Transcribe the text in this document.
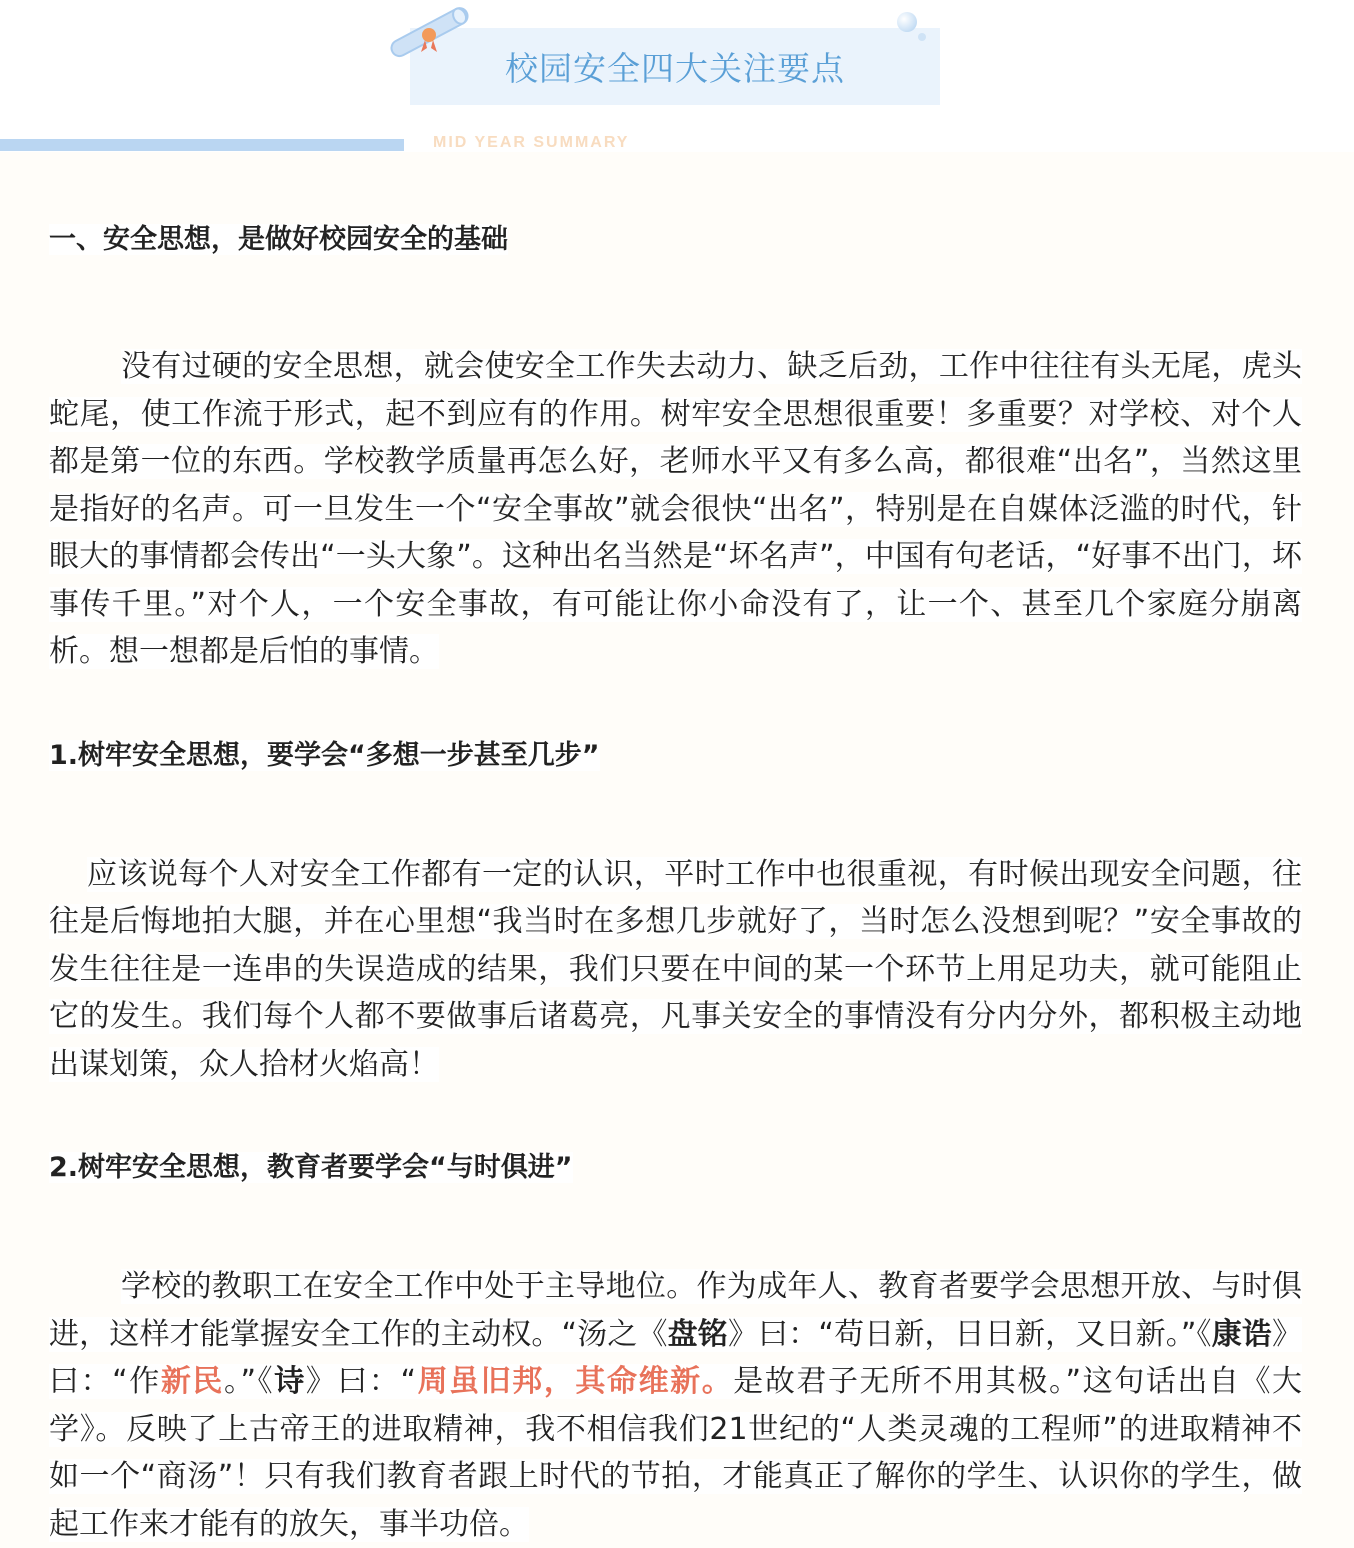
校园安全四大关注要点
MID YEAR SUMMARY
一、安全思想，是做好校园安全的基础

没有过硬的安全思想，就会使安全工作失去动力、缺乏后劲，工作中往往有头无尾，虎头蛇尾，使工作流于形式，起不到应有的作用。树牢安全思想很重要！多重要？对学校、对个人都是第一位的东西。学校教学质量再怎么好，老师水平又有多么高，都很难“出名”，当然这里是指好的名声。可一旦发生一个“安全事故”就会很快“出名”，特别是在自媒体泛滥的时代，针眼大的事情都会传出“一头大象”。这种出名当然是“坏名声”，中国有句老话，“好事不出门，坏事传千里。”对个人，一个安全事故，有可能让你小命没有了，让一个、甚至几个家庭分崩离析。想一想都是后怕的事情。

1.树牢安全思想，要学会“多想一步甚至几步”

应该说每个人对安全工作都有一定的认识，平时工作中也很重视，有时候出现安全问题，往往是后悔地拍大腿，并在心里想“我当时在多想几步就好了，当时怎么没想到呢？”安全事故的发生往往是一连串的失误造成的结果，我们只要在中间的某一个环节上用足功夫，就可能阻止它的发生。我们每个人都不要做事后诸葛亮，凡事关安全的事情没有分内分外，都积极主动地出谋划策，众人拾材火焰高！

2.树牢安全思想，教育者要学会“与时俱进”

学校的教职工在安全工作中处于主导地位。作为成年人、教育者要学会思想开放、与时俱进，这样才能掌握安全工作的主动权。“汤之《盘铭》曰：“苟日新，日日新，又日新。”《康诰》曰：“作新民。”《诗》曰：“周虽旧邦，其命维新。是故君子无所不用其极。”这句话出自《大学》。反映了上古帝王的进取精神，我不相信我们21世纪的“人类灵魂的工程师”的进取精神不如一个“商汤”！只有我们教育者跟上时代的节拍，才能真正了解你的学生、认识你的学生，做起工作来才能有的放矢，事半功倍。
